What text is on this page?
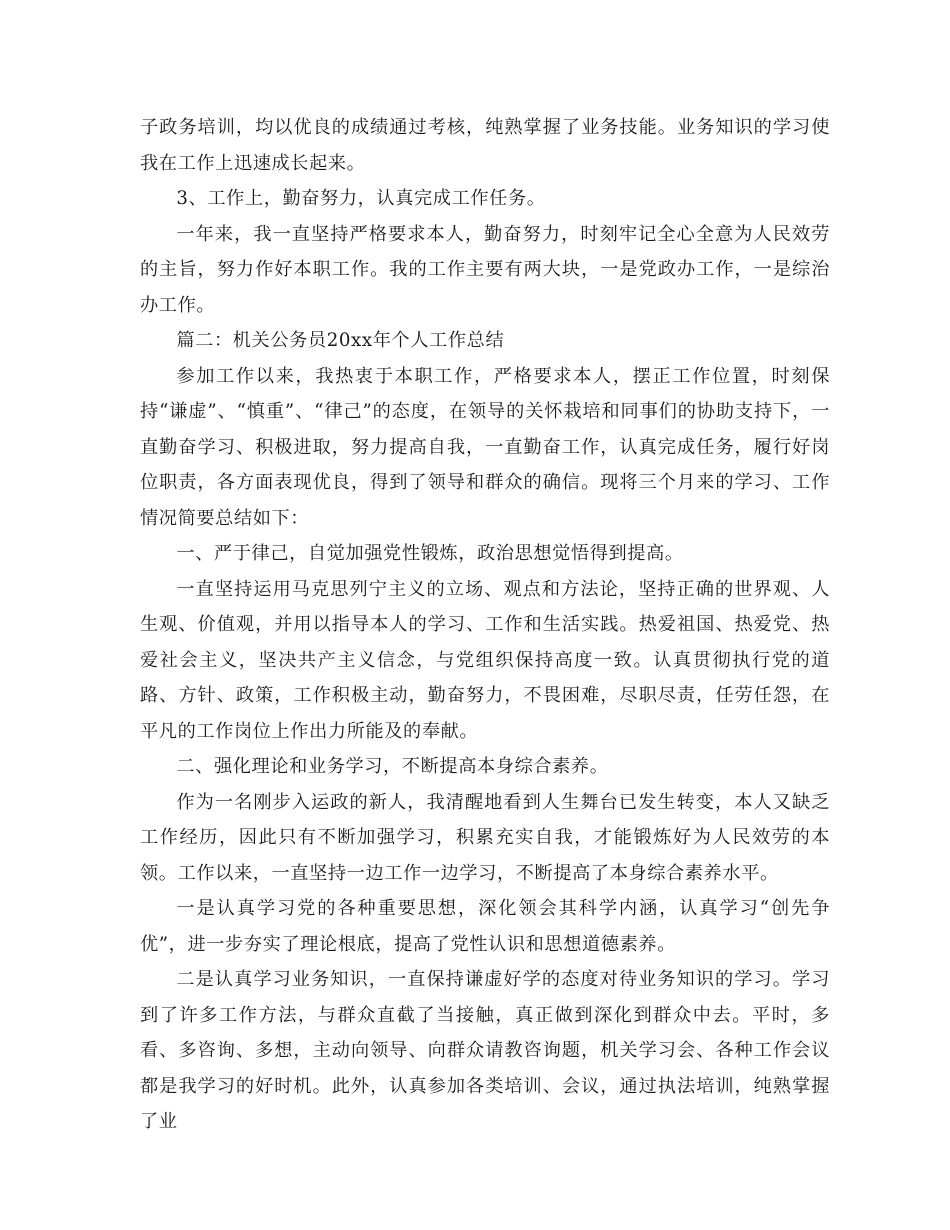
子政务培训，均以优良的成绩通过考核，纯熟掌握了业务技能。业务知识的学习使我在工作上迅速成长起来。

3、工作上，勤奋努力，认真完成工作任务。

一年来，我一直坚持严格要求本人，勤奋努力，时刻牢记全心全意为人民效劳的主旨，努力作好本职工作。我的工作主要有两大块，一是党政办工作，一是综治办工作。

篇二：机关公务员20xx年个人工作总结

参加工作以来，我热衷于本职工作，严格要求本人，摆正工作位置，时刻保持“谦虚”、“慎重”、“律己”的态度，在领导的关怀栽培和同事们的协助支持下，一直勤奋学习、积极进取，努力提高自我，一直勤奋工作，认真完成任务，履行好岗位职责，各方面表现优良，得到了领导和群众的确信。现将三个月来的学习、工作情况简要总结如下：

一、严于律己，自觉加强党性锻炼，政治思想觉悟得到提高。

一直坚持运用马克思列宁主义的立场、观点和方法论，坚持正确的世界观、人生观、价值观，并用以指导本人的学习、工作和生活实践。热爱祖国、热爱党、热爱社会主义，坚决共产主义信念，与党组织保持高度一致。认真贯彻执行党的道路、方针、政策，工作积极主动，勤奋努力，不畏困难，尽职尽责，任劳任怨，在平凡的工作岗位上作出力所能及的奉献。

二、强化理论和业务学习，不断提高本身综合素养。

作为一名刚步入运政的新人，我清醒地看到人生舞台已发生转变，本人又缺乏工作经历，因此只有不断加强学习，积累充实自我，才能锻炼好为人民效劳的本领。工作以来，一直坚持一边工作一边学习，不断提高了本身综合素养水平。

一是认真学习党的各种重要思想，深化领会其科学内涵，认真学习“创先争优”，进一步夯实了理论根底，提高了党性认识和思想道德素养。

二是认真学习业务知识，一直保持谦虚好学的态度对待业务知识的学习。学习到了许多工作方法，与群众直截了当接触，真正做到深化到群众中去。平时，多看、多咨询、多想，主动向领导、向群众请教咨询题，机关学习会、各种工作会议都是我学习的好时机。此外，认真参加各类培训、会议，通过执法培训，纯熟掌握了业
